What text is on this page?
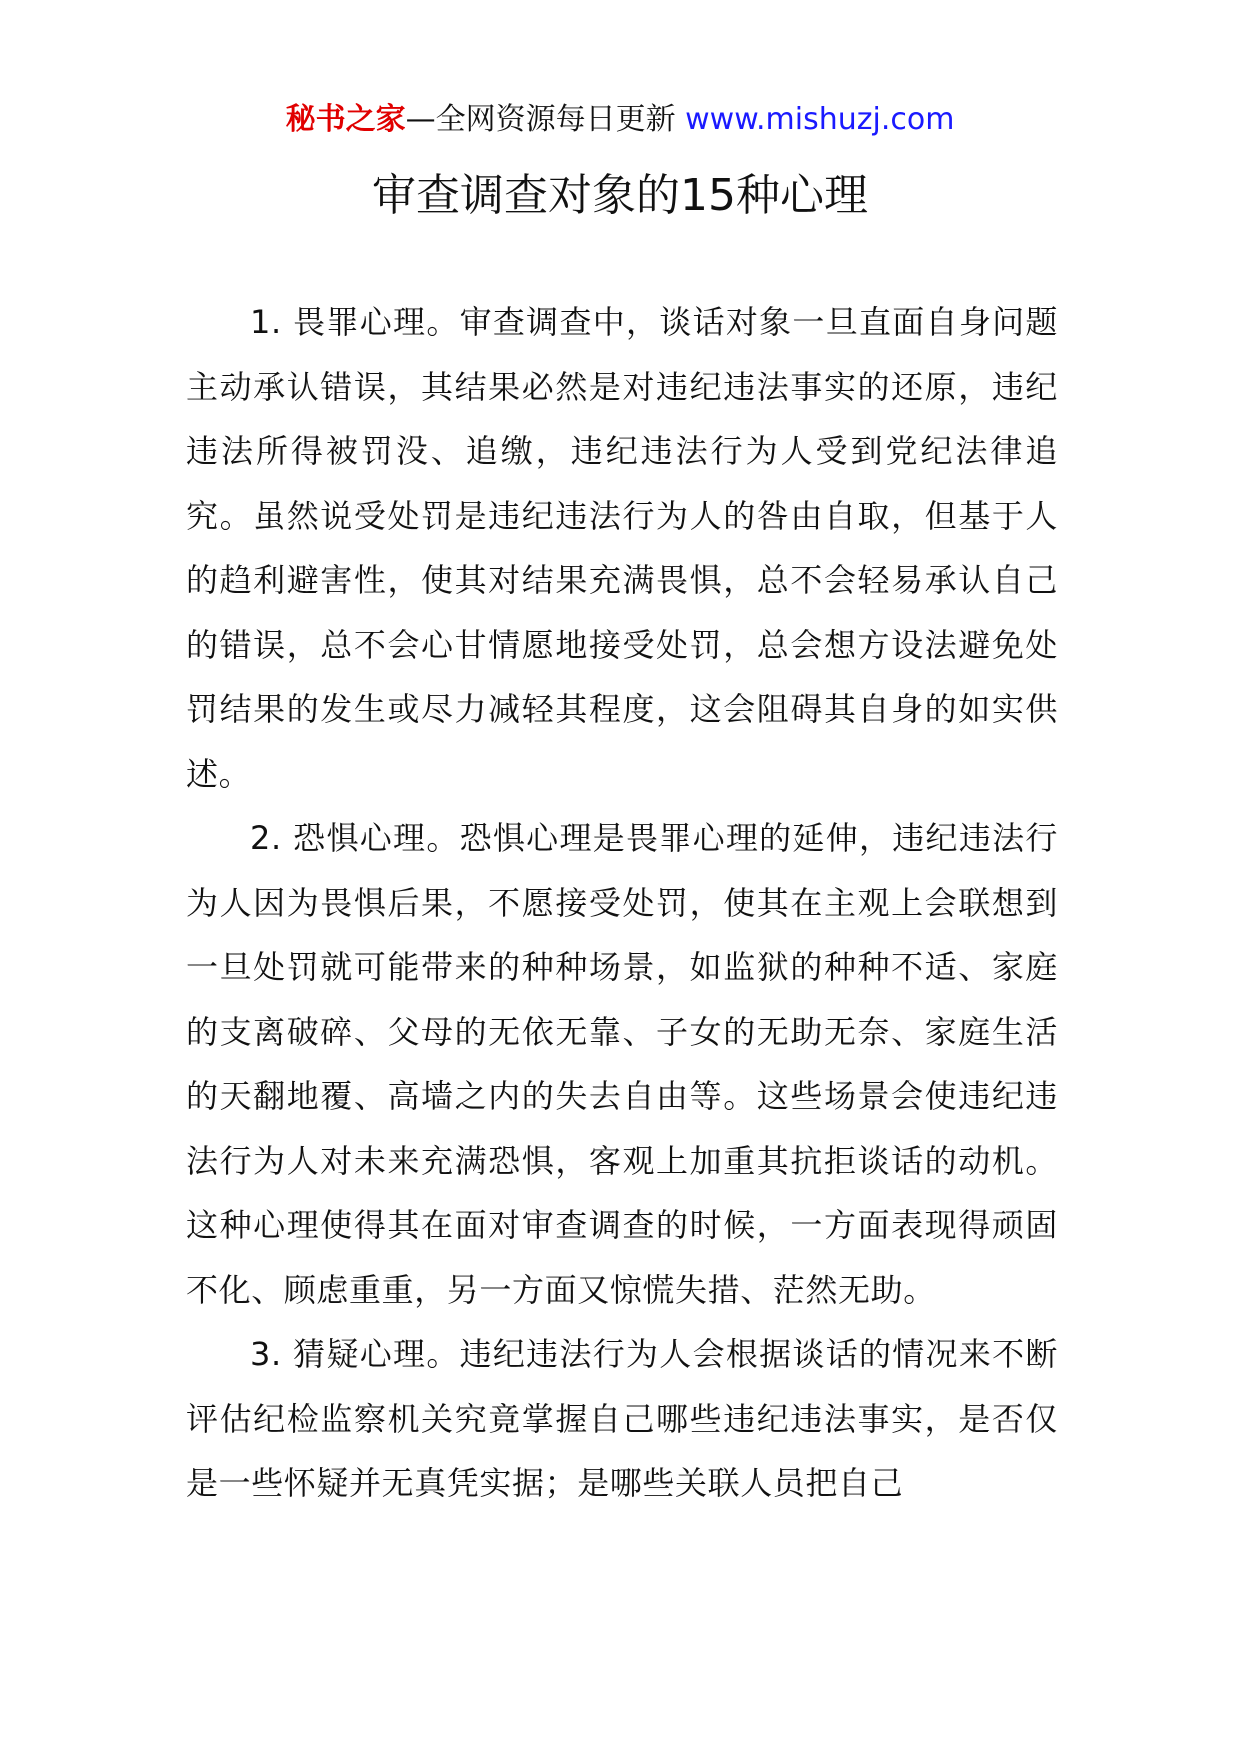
秘书之家—全网资源每日更新 www.mishuzj.com
审查调查对象的15种心理

1. 畏罪心理。审查调查中，谈话对象一旦直面自身问题主动承认错误，其结果必然是对违纪违法事实的还原，违纪违法所得被罚没、追缴，违纪违法行为人受到党纪法律追究。虽然说受处罚是违纪违法行为人的咎由自取，但基于人的趋利避害性，使其对结果充满畏惧，总不会轻易承认自己的错误，总不会心甘情愿地接受处罚，总会想方设法避免处罚结果的发生或尽力减轻其程度，这会阻碍其自身的如实供述。

2. 恐惧心理。恐惧心理是畏罪心理的延伸，违纪违法行为人因为畏惧后果，不愿接受处罚，使其在主观上会联想到一旦处罚就可能带来的种种场景，如监狱的种种不适、家庭的支离破碎、父母的无依无靠、子女的无助无奈、家庭生活的天翻地覆、高墙之内的失去自由等。这些场景会使违纪违法行为人对未来充满恐惧，客观上加重其抗拒谈话的动机。这种心理使得其在面对审查调查的时候，一方面表现得顽固不化、顾虑重重，另一方面又惊慌失措、茫然无助。

3. 猜疑心理。违纪违法行为人会根据谈话的情况来不断评估纪检监察机关究竟掌握自己哪些违纪违法事实，是否仅是一些怀疑并无真凭实据；是哪些关联人员把自己
